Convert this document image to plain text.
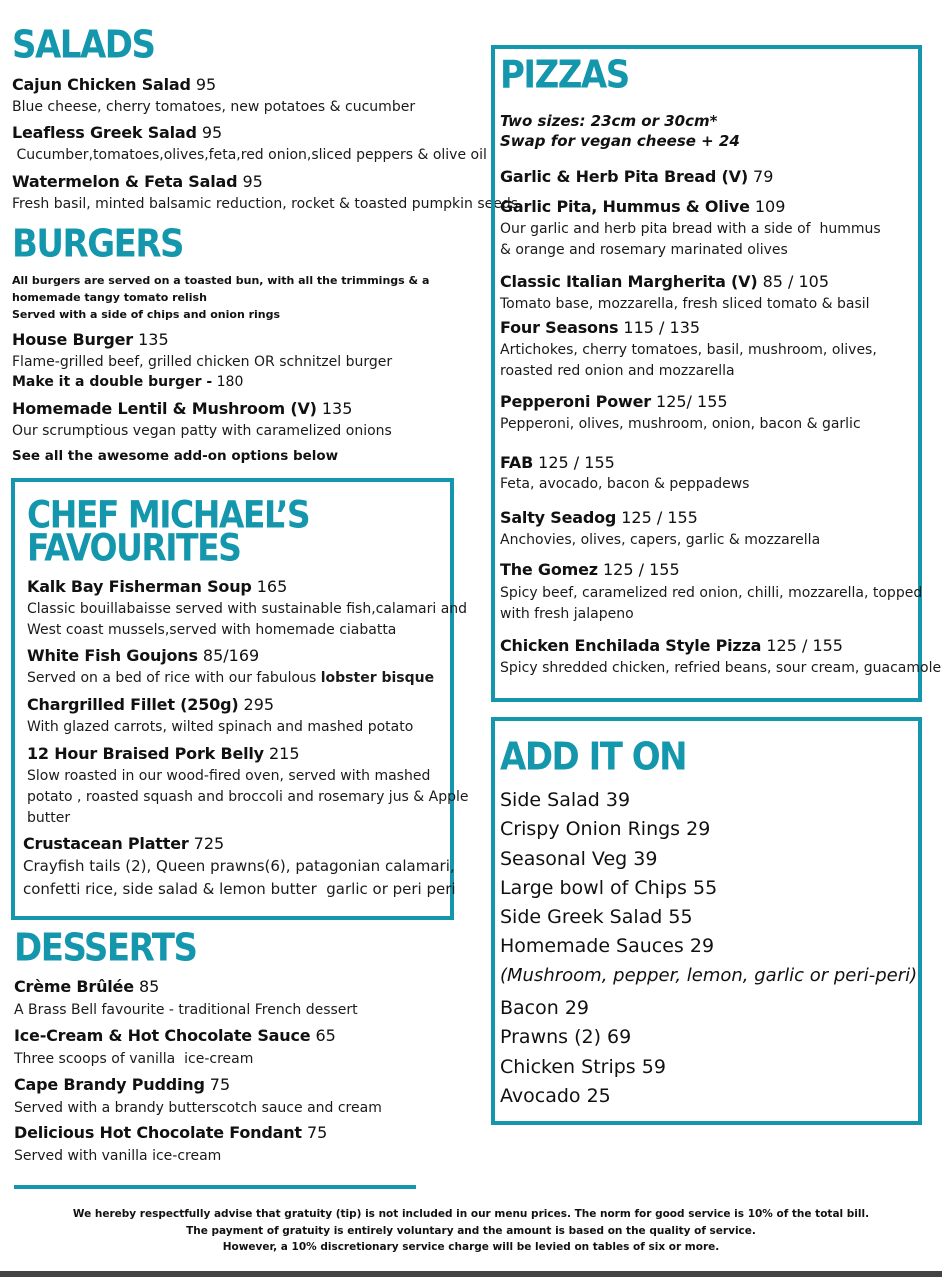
SALADS
Cajun Chicken Salad 95
Blue cheese, cherry tomatoes, new potatoes & cucumber
Leafless Greek Salad 95
Cucumber,tomatoes,olives,feta,red onion,sliced peppers & olive oil
Watermelon & Feta Salad 95
Fresh basil, minted balsamic reduction, rocket & toasted pumpkin seeds
BURGERS
All burgers are served on a toasted bun, with all the trimmings & a
homemade tangy tomato relish
Served with a side of chips and onion rings
House Burger 135
Flame-grilled beef, grilled chicken OR schnitzel burger
Make it a double burger - 180
Homemade Lentil & Mushroom (V) 135
Our scrumptious vegan patty with caramelized onions
See all the awesome add-on options below
CHEF MICHAEL’S
FAVOURITES
Kalk Bay Fisherman Soup 165
Classic bouillabaisse served with sustainable fish,calamari and
West coast mussels,served with homemade ciabatta
White Fish Goujons 85/169
Served on a bed of rice with our fabulous lobster bisque
Chargrilled Fillet (250g) 295
With glazed carrots, wilted spinach and mashed potato
12 Hour Braised Pork Belly 215
Slow roasted in our wood-fired oven, served with mashed
potato , roasted squash and broccoli and rosemary jus & Apple
butter
Crustacean Platter 725
Crayfish tails (2), Queen prawns(6), patagonian calamari,
confetti rice, side salad & lemon butter  garlic or peri peri
DESSERTS
Crème Brûlée 85
A Brass Bell favourite - traditional French dessert
Ice-Cream & Hot Chocolate Sauce 65
Three scoops of vanilla  ice-cream
Cape Brandy Pudding 75
Served with a brandy butterscotch sauce and cream
Delicious Hot Chocolate Fondant 75
Served with vanilla ice-cream
PIZZAS
Two sizes: 23cm or 30cm*
Swap for vegan cheese + 24
Garlic & Herb Pita Bread (V) 79
Garlic Pita, Hummus & Olive 109
Our garlic and herb pita bread with a side of  hummus
& orange and rosemary marinated olives
Classic Italian Margherita (V) 85 / 105
Tomato base, mozzarella, fresh sliced tomato & basil
Four Seasons 115 / 135
Artichokes, cherry tomatoes, basil, mushroom, olives,
roasted red onion and mozzarella
Pepperoni Power 125/ 155
Pepperoni, olives, mushroom, onion, bacon & garlic
FAB 125 / 155
Feta, avocado, bacon & peppadews
Salty Seadog 125 / 155
Anchovies, olives, capers, garlic & mozzarella
The Gomez 125 / 155
Spicy beef, caramelized red onion, chilli, mozzarella, topped
with fresh jalapeno
Chicken Enchilada Style Pizza 125 / 155
Spicy shredded chicken, refried beans, sour cream, guacamole
ADD IT ON
Side Salad 39
Crispy Onion Rings 29
Seasonal Veg 39
Large bowl of Chips 55
Side Greek Salad 55
Homemade Sauces 29
(Mushroom, pepper, lemon, garlic or peri-peri)
Bacon 29
Prawns (2) 69
Chicken Strips 59
Avocado 25
We hereby respectfully advise that gratuity (tip) is not included in our menu prices. The norm for good service is 10% of the total bill.
The payment of gratuity is entirely voluntary and the amount is based on the quality of service.
However, a 10% discretionary service charge will be levied on tables of six or more.
